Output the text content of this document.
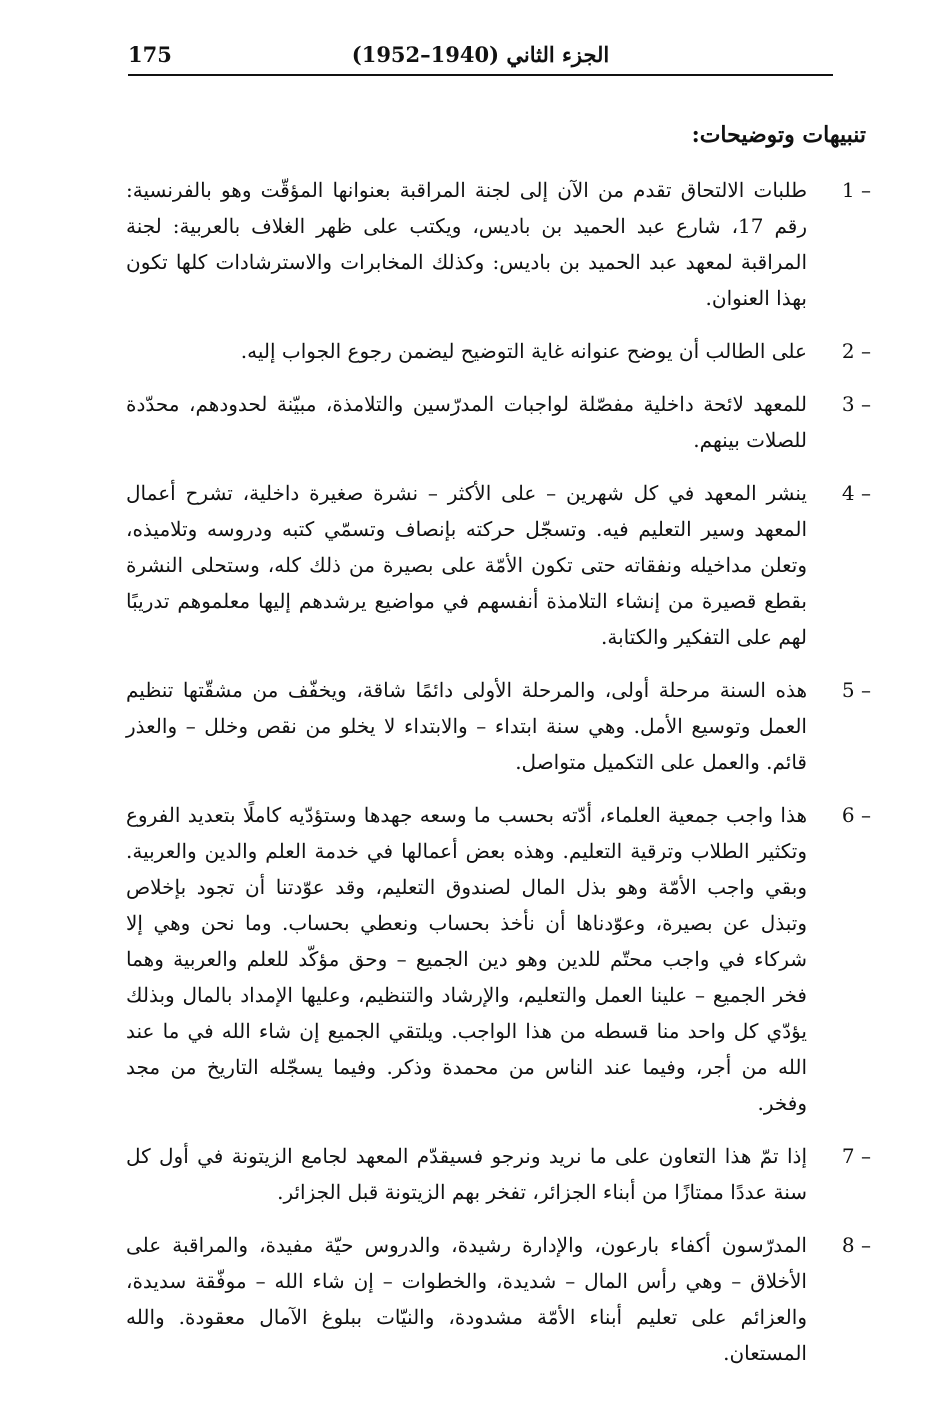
175	الجزء الثاني (1940–1952)
تنبيهات وتوضيحات:
1 –
طلبات الالتحاق تقدم من الآن إلى لجنة المراقبة بعنوانها المؤقّت وهو بالفرنسية: رقم 17، شارع عبد الحميد بن باديس، ويكتب على ظهر الغلاف بالعربية: لجنة المراقبة لمعهد عبد الحميد بن باديس: وكذلك المخابرات والاسترشادات كلها تكون بهذا العنوان.
2 –
على الطالب أن يوضح عنوانه غاية التوضيح ليضمن رجوع الجواب إليه.
3 –
للمعهد لائحة داخلية مفصّلة لواجبات المدرّسين والتلامذة، مبيّنة لحدودهم، محدّدة للصلات بينهم.
4 –
ينشر المعهد في كل شهرين – على الأكثر – نشرة صغيرة داخلية، تشرح أعمال المعهد وسير التعليم فيه. وتسجّل حركته بإنصاف وتسمّي كتبه ودروسه وتلاميذه، وتعلن مداخيله ونفقاته حتى تكون الأمّة على بصيرة من ذلك كله، وستحلى النشرة بقطع قصيرة من إنشاء التلامذة أنفسهم في مواضيع يرشدهم إليها معلموهم تدريبًا لهم على التفكير والكتابة.
5 –
هذه السنة مرحلة أولى، والمرحلة الأولى دائمًا شاقة، ويخفّف من مشقّتها تنظيم العمل وتوسيع الأمل. وهي سنة ابتداء – والابتداء لا يخلو من نقص وخلل – والعذر قائم. والعمل على التكميل متواصل.
6 –
هذا واجب جمعية العلماء، أدّته بحسب ما وسعه جهدها وستؤدّيه كاملًا بتعديد الفروع وتكثير الطلاب وترقية التعليم. وهذه بعض أعمالها في خدمة العلم والدين والعربية. وبقي واجب الأمّة وهو بذل المال لصندوق التعليم، وقد عوّدتنا أن تجود بإخلاص وتبذل عن بصيرة، وعوّدناها أن نأخذ بحساب ونعطي بحساب. وما نحن وهي إلا شركاء في واجب محتّم للدين وهو دين الجميع – وحق مؤكّد للعلم والعربية وهما فخر الجميع – علينا العمل والتعليم، والإرشاد والتنظيم، وعليها الإمداد بالمال وبذلك يؤدّي كل واحد منا قسطه من هذا الواجب. ويلتقي الجميع إن شاء الله في ما عند الله من أجر، وفيما عند الناس من محمدة وذكر. وفيما يسجّله التاريخ من مجد وفخر.
7 –
إذا تمّ هذا التعاون على ما نريد ونرجو فسيقدّم المعهد لجامع الزيتونة في أول كل سنة عددًا ممتازًا من أبناء الجزائر، تفخر بهم الزيتونة قبل الجزائر.
8 –
المدرّسون أكفاء بارعون، والإدارة رشيدة، والدروس حيّة مفيدة، والمراقبة على الأخلاق – وهي رأس المال – شديدة، والخطوات – إن شاء الله – موفّقة سديدة، والعزائم على تعليم أبناء الأمّة مشدودة، والنيّات ببلوغ الآمال معقودة. والله المستعان.
